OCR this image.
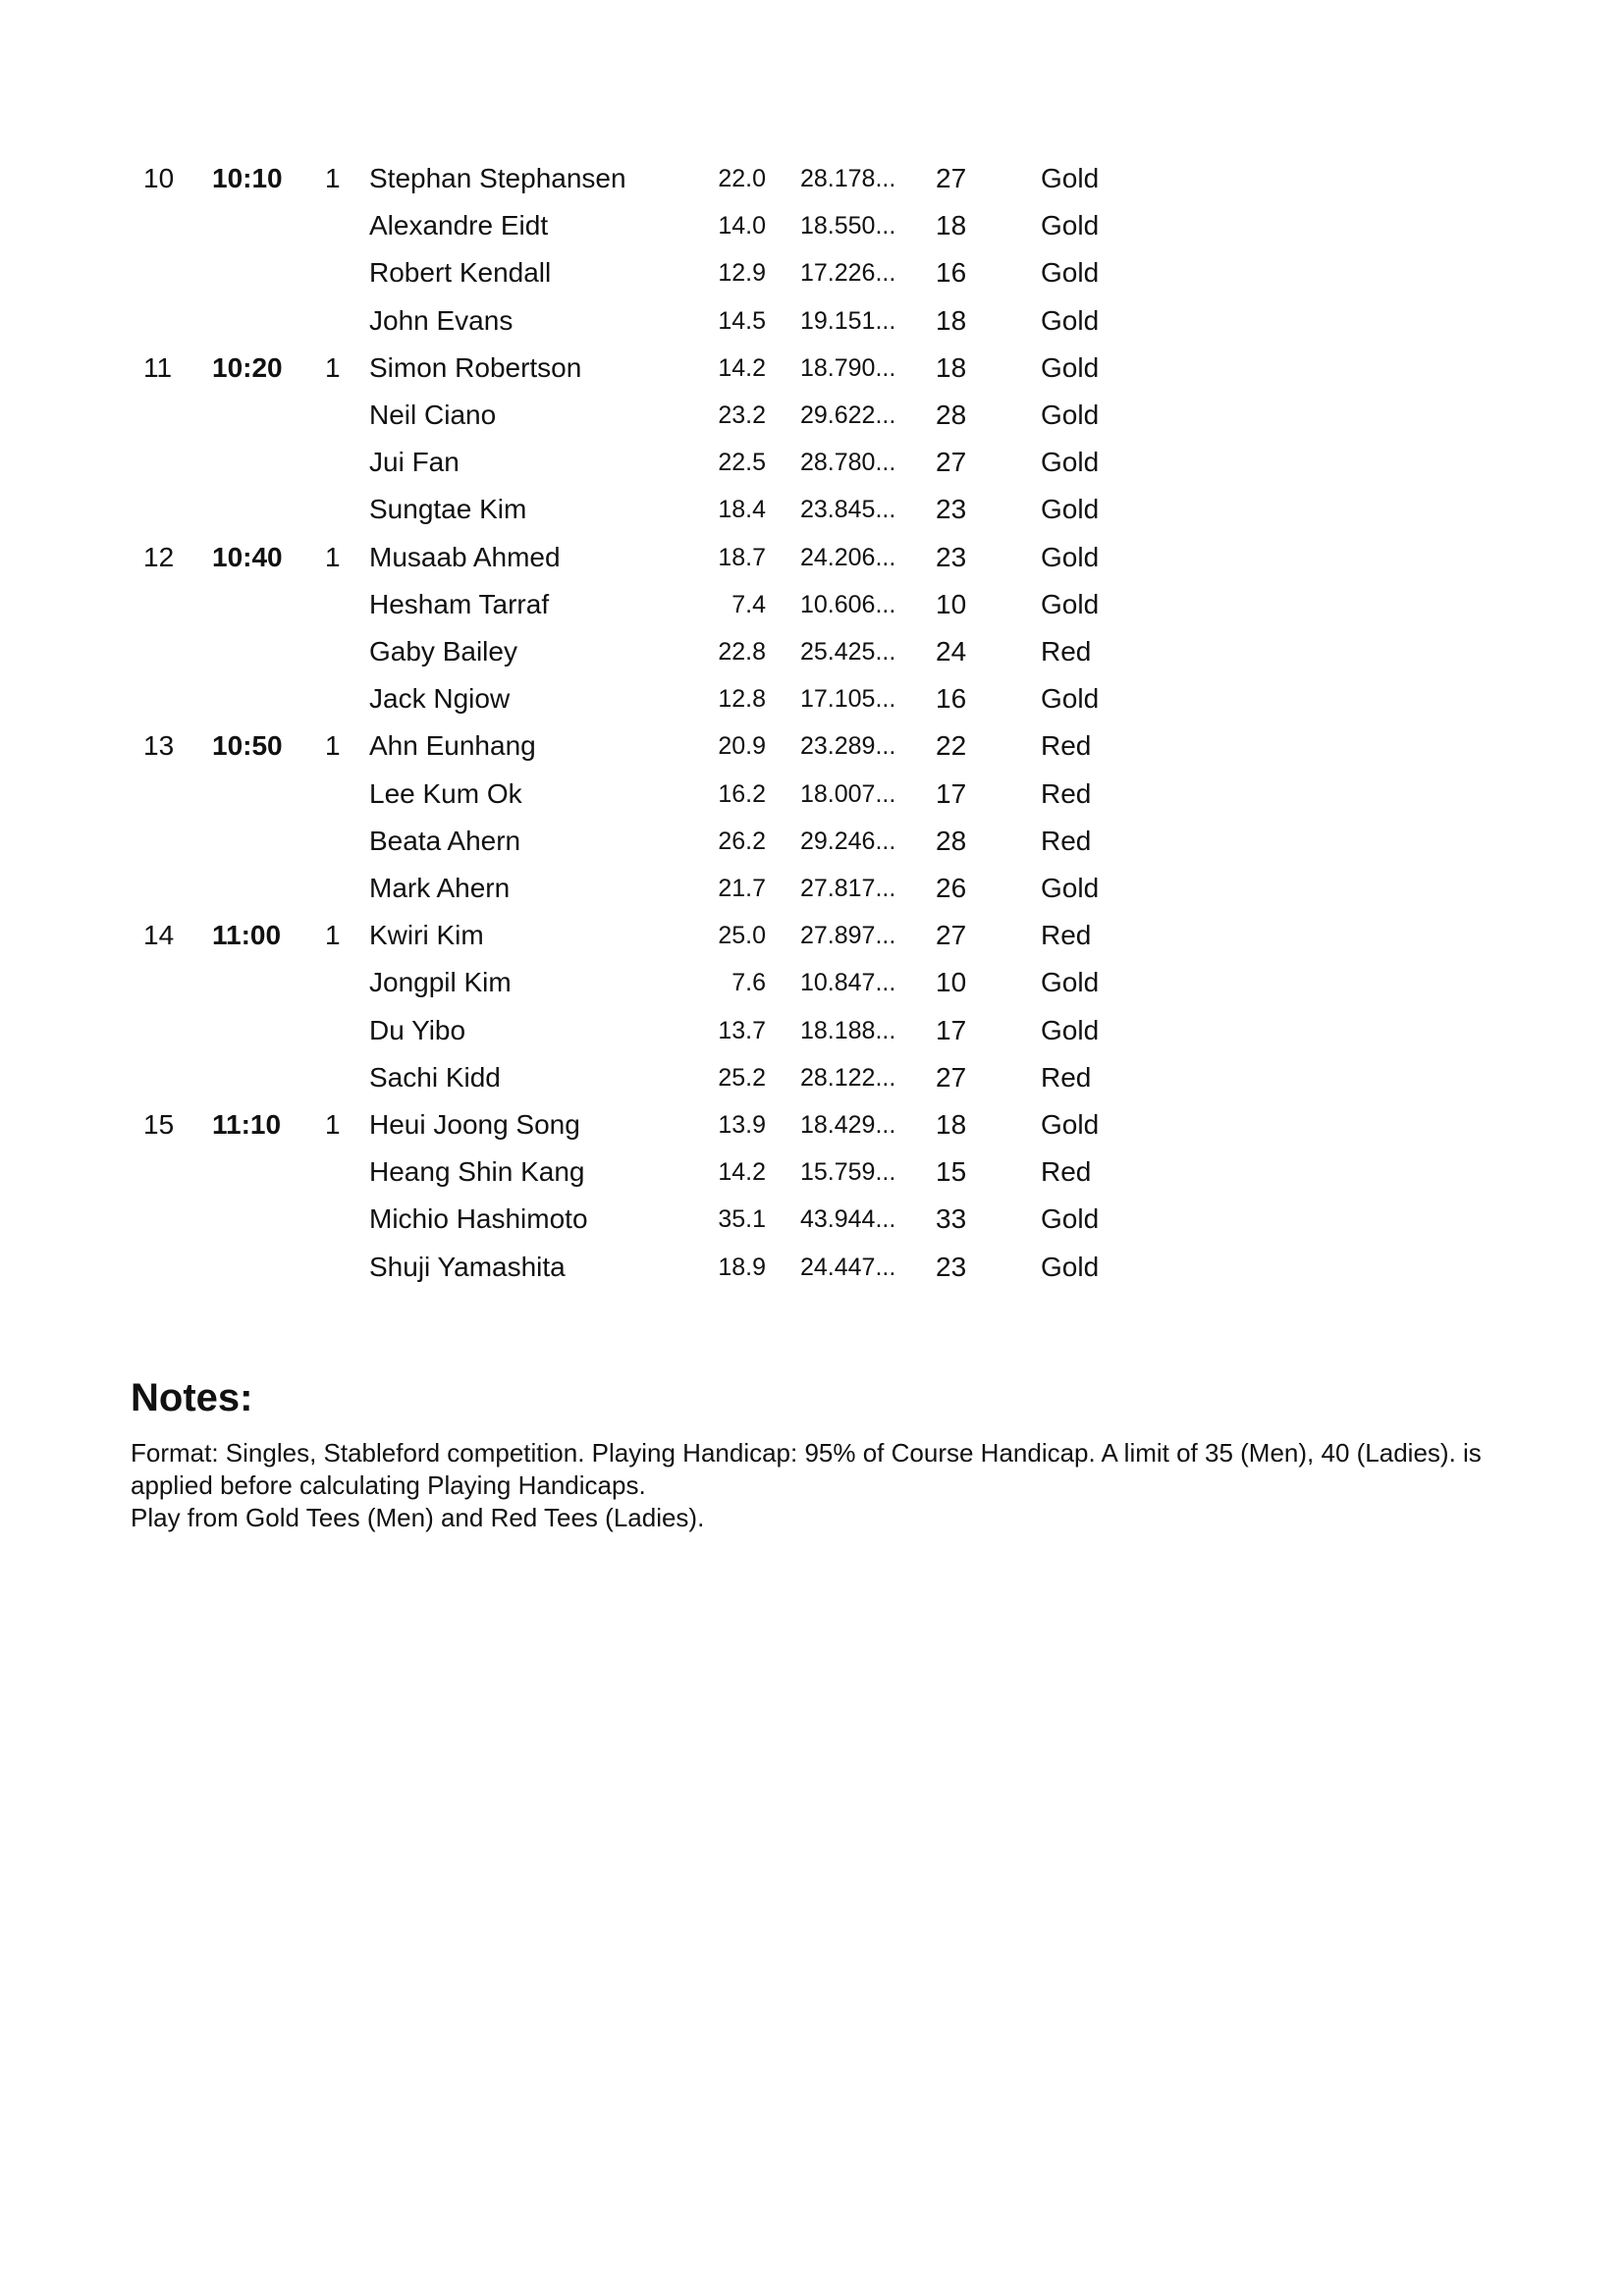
10 10:10 1 Stephan Stephansen	22.0 28.178... 27	Gold
Alexandre Eidt	14.0 18.550... 18	Gold
Robert Kendall	12.9 17.226... 16	Gold
John Evans	14.5 19.151... 18	Gold
11 10:20 1 Simon Robertson	14.2 18.790... 18	Gold
Neil Ciano	23.2 29.622... 28	Gold
Jui Fan	22.5 28.780... 27	Gold
Sungtae Kim	18.4 23.845... 23	Gold
12 10:40 1 Musaab Ahmed	18.7 24.206... 23	Gold
Hesham Tarraf	7.4 10.606... 10	Gold
Gaby Bailey	22.8 25.425... 24	Red
Jack Ngiow	12.8 17.105... 16	Gold
13 10:50 1 Ahn Eunhang	20.9 23.289... 22	Red
Lee Kum Ok	16.2 18.007... 17	Red
Beata Ahern	26.2 29.246... 28	Red
Mark Ahern	21.7 27.817... 26	Gold
14 11:00 1 Kwiri Kim	25.0 27.897... 27	Red
Jongpil Kim	7.6 10.847... 10	Gold
Du Yibo	13.7 18.188... 17	Gold
Sachi Kidd	25.2 28.122... 27	Red
15 11:10 1 Heui Joong Song	13.9 18.429... 18	Gold
Heang Shin Kang	14.2 15.759... 15	Red
Michio Hashimoto	35.1 43.944... 33	Gold
Shuji Yamashita	18.9 24.447... 23	Gold
Notes:

Format: Singles, Stableford competition. Playing Handicap: 95% of Course Handicap. A limit of 35 (Men), 40 (Ladies). is applied before calculating Playing Handicaps.

Play from Gold Tees (Men) and Red Tees (Ladies).
